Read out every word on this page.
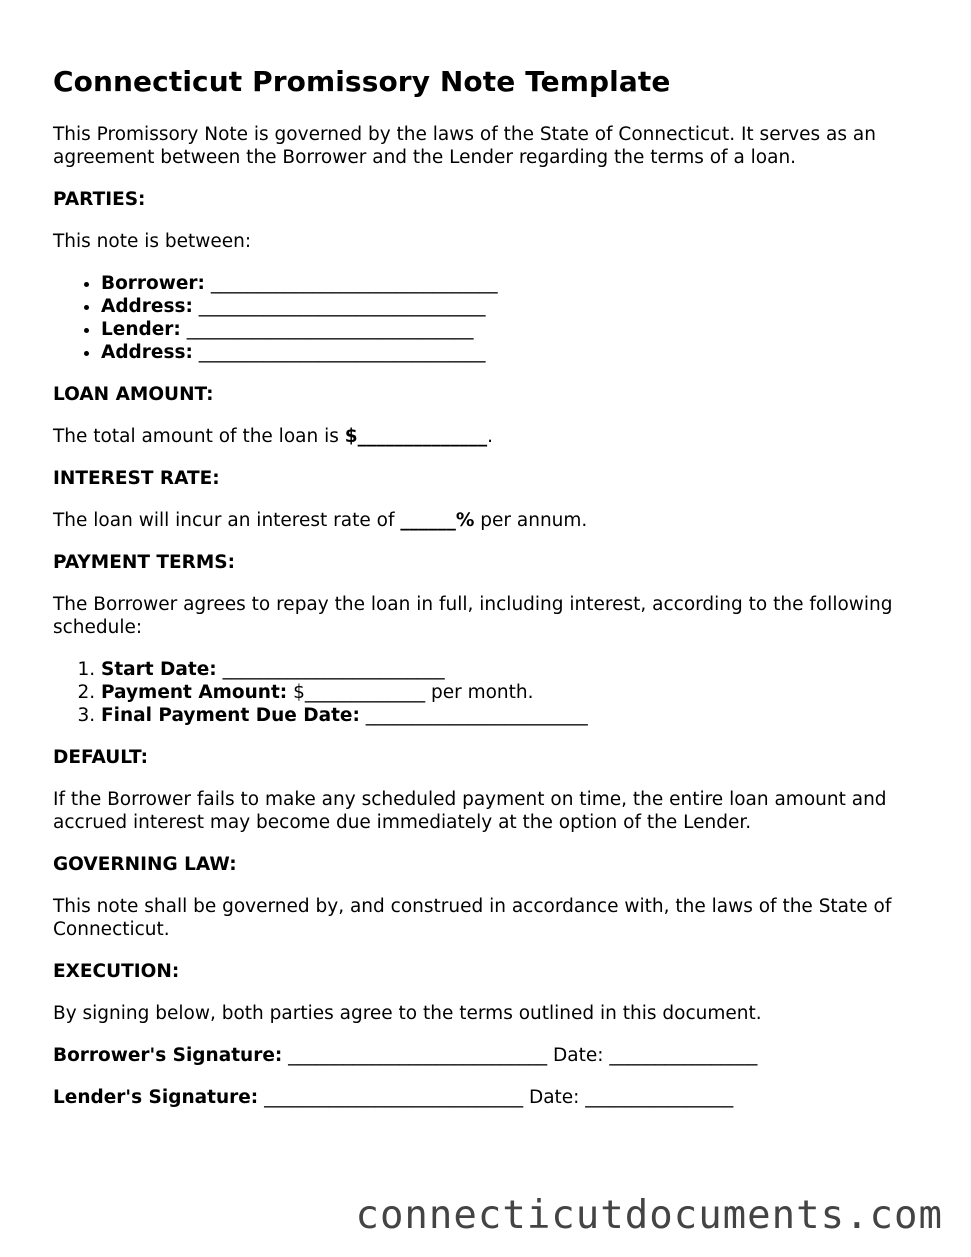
Connecticut Promissory Note Template

This Promissory Note is governed by the laws of the State of Connecticut. It serves as an agreement between the Borrower and the Lender regarding the terms of a loan.

PARTIES:

This note is between:

• Borrower: _______________________________
• Address: _______________________________
• Lender: _______________________________
• Address: _______________________________

LOAN AMOUNT:

The total amount of the loan is $______________.

INTEREST RATE:

The loan will incur an interest rate of ______% per annum.

PAYMENT TERMS:

The Borrower agrees to repay the loan in full, including interest, according to the following schedule:

1. Start Date: ________________________
2. Payment Amount: $_____________ per month.
3. Final Payment Due Date: ________________________

DEFAULT:

If the Borrower fails to make any scheduled payment on time, the entire loan amount and accrued interest may become due immediately at the option of the Lender.

GOVERNING LAW:

This note shall be governed by, and construed in accordance with, the laws of the State of Connecticut.

EXECUTION:

By signing below, both parties agree to the terms outlined in this document.

Borrower's Signature: ____________________________ Date: ________________

Lender's Signature: ____________________________ Date: ________________

connecticutdocuments.com
